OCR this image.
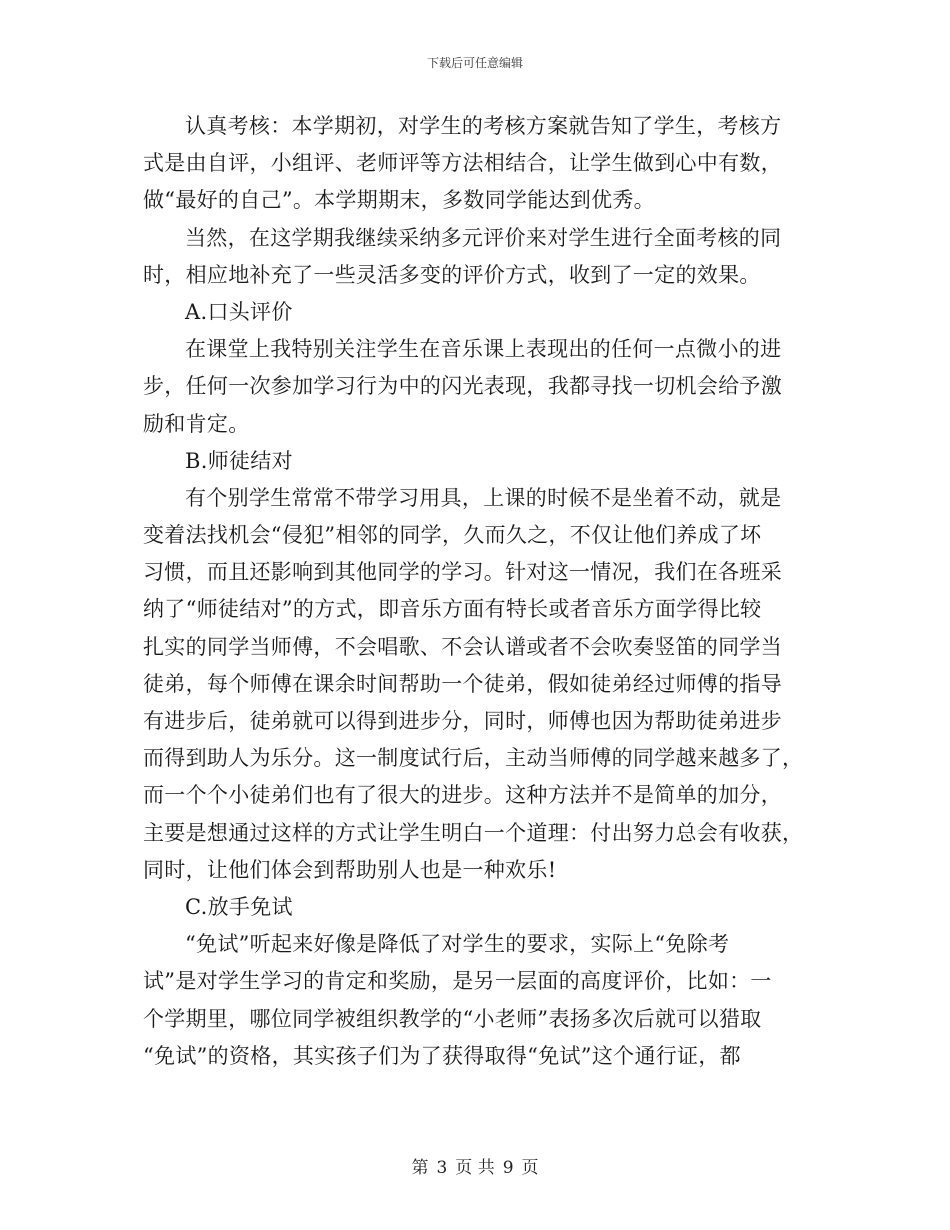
下载后可任意编辑
认真考核：本学期初，对学生的考核方案就告知了学生，考核方
式是由自评，小组评、老师评等方法相结合，让学生做到心中有数，
做“最好的自己”。本学期期末，多数同学能达到优秀。
当然，在这学期我继续采纳多元评价来对学生进行全面考核的同
时，相应地补充了一些灵活多变的评价方式，收到了一定的效果。
A.口头评价
在课堂上我特别关注学生在音乐课上表现出的任何一点微小的进
步，任何一次参加学习行为中的闪光表现，我都寻找一切机会给予激
励和肯定。
B.师徒结对
有个别学生常常不带学习用具，上课的时候不是坐着不动，就是
变着法找机会“侵犯”相邻的同学，久而久之，不仅让他们养成了坏
习惯，而且还影响到其他同学的学习。针对这一情况，我们在各班采
纳了“师徒结对”的方式，即音乐方面有特长或者音乐方面学得比较
扎实的同学当师傅，不会唱歌、不会认谱或者不会吹奏竖笛的同学当
徒弟，每个师傅在课余时间帮助一个徒弟，假如徒弟经过师傅的指导
有进步后，徒弟就可以得到进步分，同时，师傅也因为帮助徒弟进步
而得到助人为乐分。这一制度试行后，主动当师傅的同学越来越多了，
而一个个小徒弟们也有了很大的进步。这种方法并不是简单的加分，
主要是想通过这样的方式让学生明白一个道理：付出努力总会有收获，
同时，让他们体会到帮助别人也是一种欢乐!
C.放手免试
“免试”听起来好像是降低了对学生的要求，实际上“免除考
试”是对学生学习的肯定和奖励，是另一层面的高度评价，比如：一
个学期里，哪位同学被组织教学的“小老师”表扬多次后就可以猎取
“免试”的资格，其实孩子们为了获得取得“免试”这个通行证，都
第 3 页 共 9 页
